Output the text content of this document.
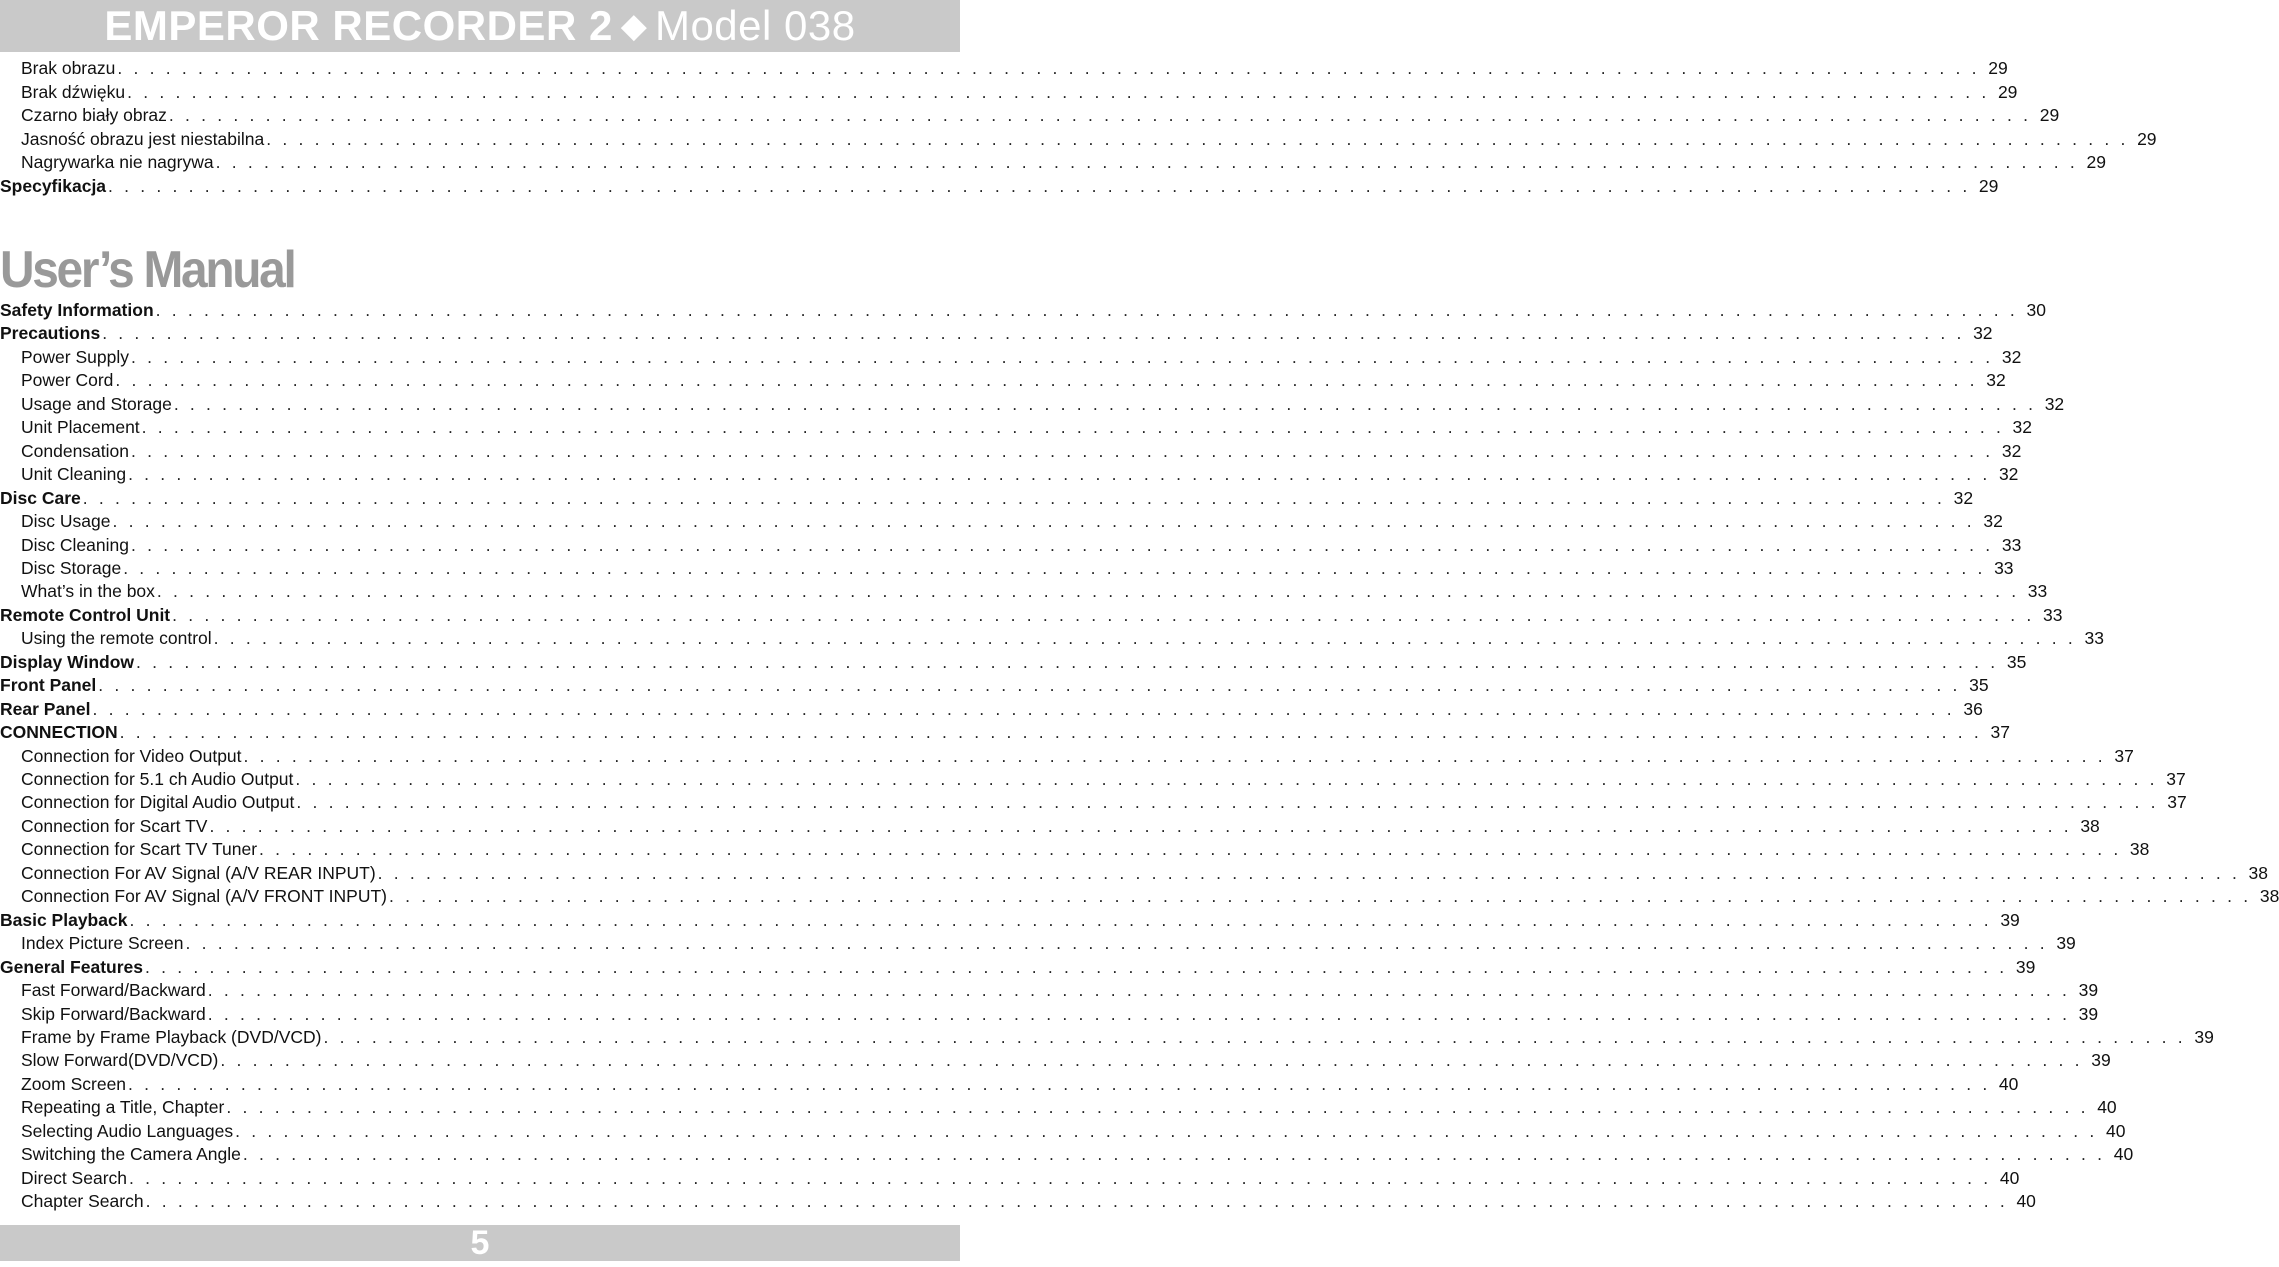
EMPEROR RECORDER 2 ◆ Model 038
Brak obrazu . . . . . . . . . . . . . . . . . . . . . . . . . . . . . . . . . . . . . . . . . . . . . . . . . . . . . . . . . . . . . . . . . . . . . . . . . . . . . . . . . . . . . . . . . . . . . . . . . . . . . . . . . . . . . . . . . . . . 29
Brak dźwięku . . . . . . . . . . . . . . . . . . . . . . . . . . . . . . . . . . . . . . . . . . . . . . . . . . . . . . . . . . . . . . . . . . . . . . . . . . . . . . . . . . . . . . . . . . . . . . . . . . . . . . . . . . . . . . . . . . . . 29
Czarno biały obraz . . . . . . . . . . . . . . . . . . . . . . . . . . . . . . . . . . . . . . . . . . . . . . . . . . . . . . . . . . . . . . . . . . . . . . . . . . . . . . . . . . . . . . . . . . . . . . . . . . . . . . . . . . . . . . . . . . . . 29
Jasność obrazu jest niestabilna . . . . . . . . . . . . . . . . . . . . . . . . . . . . . . . . . . . . . . . . . . . . . . . . . . . . . . . . . . . . . . . . . . . . . . . . . . . . . . . . . . . . . . . . . . . . . . . . . . . . . . . . . . . . . . . . . . . . 29
Nagrywarka nie nagrywa . . . . . . . . . . . . . . . . . . . . . . . . . . . . . . . . . . . . . . . . . . . . . . . . . . . . . . . . . . . . . . . . . . . . . . . . . . . . . . . . . . . . . . . . . . . . . . . . . . . . . . . . . . . . . . . . . . . . 29
Specyfikacja . . . . . . . . . . . . . . . . . . . . . . . . . . . . . . . . . . . . . . . . . . . . . . . . . . . . . . . . . . . . . . . . . . . . . . . . . . . . . . . . . . . . . . . . . . . . . . . . . . . . . . . . . . . . . . . . . . . . 29
User’s Manual
Safety Information . . . . . . . . . . . . . . . . . . . . . . . . . . . . . . . . . . . . . . . . . . . . . . . . . . . . . . . . . . . . . . . . . . . . . . . . . . . . . . . . . . . . . . . . . . . . . . . . . . . . . . . . . . . . . . . . . . . . 30
Precautions . . . . . . . . . . . . . . . . . . . . . . . . . . . . . . . . . . . . . . . . . . . . . . . . . . . . . . . . . . . . . . . . . . . . . . . . . . . . . . . . . . . . . . . . . . . . . . . . . . . . . . . . . . . . . . . . . . . . 32
Power Supply . . . . . . . . . . . . . . . . . . . . . . . . . . . . . . . . . . . . . . . . . . . . . . . . . . . . . . . . . . . . . . . . . . . . . . . . . . . . . . . . . . . . . . . . . . . . . . . . . . . . . . . . . . . . . . . . . . . . 32
Power Cord . . . . . . . . . . . . . . . . . . . . . . . . . . . . . . . . . . . . . . . . . . . . . . . . . . . . . . . . . . . . . . . . . . . . . . . . . . . . . . . . . . . . . . . . . . . . . . . . . . . . . . . . . . . . . . . . . . . . 32
Usage and Storage . . . . . . . . . . . . . . . . . . . . . . . . . . . . . . . . . . . . . . . . . . . . . . . . . . . . . . . . . . . . . . . . . . . . . . . . . . . . . . . . . . . . . . . . . . . . . . . . . . . . . . . . . . . . . . . . . . . . 32
Unit Placement . . . . . . . . . . . . . . . . . . . . . . . . . . . . . . . . . . . . . . . . . . . . . . . . . . . . . . . . . . . . . . . . . . . . . . . . . . . . . . . . . . . . . . . . . . . . . . . . . . . . . . . . . . . . . . . . . . . . 32
Condensation . . . . . . . . . . . . . . . . . . . . . . . . . . . . . . . . . . . . . . . . . . . . . . . . . . . . . . . . . . . . . . . . . . . . . . . . . . . . . . . . . . . . . . . . . . . . . . . . . . . . . . . . . . . . . . . . . . . . 32
Unit Cleaning . . . . . . . . . . . . . . . . . . . . . . . . . . . . . . . . . . . . . . . . . . . . . . . . . . . . . . . . . . . . . . . . . . . . . . . . . . . . . . . . . . . . . . . . . . . . . . . . . . . . . . . . . . . . . . . . . . . . 32
Disc Care . . . . . . . . . . . . . . . . . . . . . . . . . . . . . . . . . . . . . . . . . . . . . . . . . . . . . . . . . . . . . . . . . . . . . . . . . . . . . . . . . . . . . . . . . . . . . . . . . . . . . . . . . . . . . . . . . . . . 32
Disc Usage . . . . . . . . . . . . . . . . . . . . . . . . . . . . . . . . . . . . . . . . . . . . . . . . . . . . . . . . . . . . . . . . . . . . . . . . . . . . . . . . . . . . . . . . . . . . . . . . . . . . . . . . . . . . . . . . . . . . 32
Disc Cleaning . . . . . . . . . . . . . . . . . . . . . . . . . . . . . . . . . . . . . . . . . . . . . . . . . . . . . . . . . . . . . . . . . . . . . . . . . . . . . . . . . . . . . . . . . . . . . . . . . . . . . . . . . . . . . . . . . . . . 33
Disc Storage . . . . . . . . . . . . . . . . . . . . . . . . . . . . . . . . . . . . . . . . . . . . . . . . . . . . . . . . . . . . . . . . . . . . . . . . . . . . . . . . . . . . . . . . . . . . . . . . . . . . . . . . . . . . . . . . . . . . 33
What’s in the box . . . . . . . . . . . . . . . . . . . . . . . . . . . . . . . . . . . . . . . . . . . . . . . . . . . . . . . . . . . . . . . . . . . . . . . . . . . . . . . . . . . . . . . . . . . . . . . . . . . . . . . . . . . . . . . . . . . . 33
Remote Control Unit . . . . . . . . . . . . . . . . . . . . . . . . . . . . . . . . . . . . . . . . . . . . . . . . . . . . . . . . . . . . . . . . . . . . . . . . . . . . . . . . . . . . . . . . . . . . . . . . . . . . . . . . . . . . . . . . . . . . 33
Using the remote control . . . . . . . . . . . . . . . . . . . . . . . . . . . . . . . . . . . . . . . . . . . . . . . . . . . . . . . . . . . . . . . . . . . . . . . . . . . . . . . . . . . . . . . . . . . . . . . . . . . . . . . . . . . . . . . . . . . . 33
Display Window . . . . . . . . . . . . . . . . . . . . . . . . . . . . . . . . . . . . . . . . . . . . . . . . . . . . . . . . . . . . . . . . . . . . . . . . . . . . . . . . . . . . . . . . . . . . . . . . . . . . . . . . . . . . . . . . . . . . 35
Front Panel . . . . . . . . . . . . . . . . . . . . . . . . . . . . . . . . . . . . . . . . . . . . . . . . . . . . . . . . . . . . . . . . . . . . . . . . . . . . . . . . . . . . . . . . . . . . . . . . . . . . . . . . . . . . . . . . . . . . 35
Rear Panel . . . . . . . . . . . . . . . . . . . . . . . . . . . . . . . . . . . . . . . . . . . . . . . . . . . . . . . . . . . . . . . . . . . . . . . . . . . . . . . . . . . . . . . . . . . . . . . . . . . . . . . . . . . . . . . . . . . . 36
CONNECTION . . . . . . . . . . . . . . . . . . . . . . . . . . . . . . . . . . . . . . . . . . . . . . . . . . . . . . . . . . . . . . . . . . . . . . . . . . . . . . . . . . . . . . . . . . . . . . . . . . . . . . . . . . . . . . . . . . . . 37
Connection for Video Output . . . . . . . . . . . . . . . . . . . . . . . . . . . . . . . . . . . . . . . . . . . . . . . . . . . . . . . . . . . . . . . . . . . . . . . . . . . . . . . . . . . . . . . . . . . . . . . . . . . . . . . . . . . . . . . . . . . . 37
Connection for 5.1 ch Audio Output . . . . . . . . . . . . . . . . . . . . . . . . . . . . . . . . . . . . . . . . . . . . . . . . . . . . . . . . . . . . . . . . . . . . . . . . . . . . . . . . . . . . . . . . . . . . . . . . . . . . . . . . . . . . . . . . . . . . 37
Connection for Digital Audio Output . . . . . . . . . . . . . . . . . . . . . . . . . . . . . . . . . . . . . . . . . . . . . . . . . . . . . . . . . . . . . . . . . . . . . . . . . . . . . . . . . . . . . . . . . . . . . . . . . . . . . . . . . . . . . . . . . . . . 37
Connection for Scart TV . . . . . . . . . . . . . . . . . . . . . . . . . . . . . . . . . . . . . . . . . . . . . . . . . . . . . . . . . . . . . . . . . . . . . . . . . . . . . . . . . . . . . . . . . . . . . . . . . . . . . . . . . . . . . . . . . . . . 38
Connection for Scart TV Tuner . . . . . . . . . . . . . . . . . . . . . . . . . . . . . . . . . . . . . . . . . . . . . . . . . . . . . . . . . . . . . . . . . . . . . . . . . . . . . . . . . . . . . . . . . . . . . . . . . . . . . . . . . . . . . . . . . . . . 38
Connection For AV Signal (A/V REAR INPUT) . . . . . . . . . . . . . . . . . . . . . . . . . . . . . . . . . . . . . . . . . . . . . . . . . . . . . . . . . . . . . . . . . . . . . . . . . . . . . . . . . . . . . . . . . . . . . . . . . . . . . . . . . . . . . . . . . . . . 38
Connection For AV Signal (A/V FRONT INPUT) . . . . . . . . . . . . . . . . . . . . . . . . . . . . . . . . . . . . . . . . . . . . . . . . . . . . . . . . . . . . . . . . . . . . . . . . . . . . . . . . . . . . . . . . . . . . . . . . . . . . . . . . . . . . . . . . . . . . 38
Basic Playback . . . . . . . . . . . . . . . . . . . . . . . . . . . . . . . . . . . . . . . . . . . . . . . . . . . . . . . . . . . . . . . . . . . . . . . . . . . . . . . . . . . . . . . . . . . . . . . . . . . . . . . . . . . . . . . . . . . . 39
Index Picture Screen . . . . . . . . . . . . . . . . . . . . . . . . . . . . . . . . . . . . . . . . . . . . . . . . . . . . . . . . . . . . . . . . . . . . . . . . . . . . . . . . . . . . . . . . . . . . . . . . . . . . . . . . . . . . . . . . . . . . 39
General Features . . . . . . . . . . . . . . . . . . . . . . . . . . . . . . . . . . . . . . . . . . . . . . . . . . . . . . . . . . . . . . . . . . . . . . . . . . . . . . . . . . . . . . . . . . . . . . . . . . . . . . . . . . . . . . . . . . . . 39
Fast Forward/Backward . . . . . . . . . . . . . . . . . . . . . . . . . . . . . . . . . . . . . . . . . . . . . . . . . . . . . . . . . . . . . . . . . . . . . . . . . . . . . . . . . . . . . . . . . . . . . . . . . . . . . . . . . . . . . . . . . . . . 39
Skip Forward/Backward . . . . . . . . . . . . . . . . . . . . . . . . . . . . . . . . . . . . . . . . . . . . . . . . . . . . . . . . . . . . . . . . . . . . . . . . . . . . . . . . . . . . . . . . . . . . . . . . . . . . . . . . . . . . . . . . . . . . 39
Frame by Frame Playback (DVD/VCD) . . . . . . . . . . . . . . . . . . . . . . . . . . . . . . . . . . . . . . . . . . . . . . . . . . . . . . . . . . . . . . . . . . . . . . . . . . . . . . . . . . . . . . . . . . . . . . . . . . . . . . . . . . . . . . . . . . . . 39
Slow Forward(DVD/VCD) . . . . . . . . . . . . . . . . . . . . . . . . . . . . . . . . . . . . . . . . . . . . . . . . . . . . . . . . . . . . . . . . . . . . . . . . . . . . . . . . . . . . . . . . . . . . . . . . . . . . . . . . . . . . . . . . . . . . 39
Zoom Screen . . . . . . . . . . . . . . . . . . . . . . . . . . . . . . . . . . . . . . . . . . . . . . . . . . . . . . . . . . . . . . . . . . . . . . . . . . . . . . . . . . . . . . . . . . . . . . . . . . . . . . . . . . . . . . . . . . . . 40
Repeating a Title, Chapter . . . . . . . . . . . . . . . . . . . . . . . . . . . . . . . . . . . . . . . . . . . . . . . . . . . . . . . . . . . . . . . . . . . . . . . . . . . . . . . . . . . . . . . . . . . . . . . . . . . . . . . . . . . . . . . . . . . . 40
Selecting Audio Languages . . . . . . . . . . . . . . . . . . . . . . . . . . . . . . . . . . . . . . . . . . . . . . . . . . . . . . . . . . . . . . . . . . . . . . . . . . . . . . . . . . . . . . . . . . . . . . . . . . . . . . . . . . . . . . . . . . . . 40
Switching the Camera Angle . . . . . . . . . . . . . . . . . . . . . . . . . . . . . . . . . . . . . . . . . . . . . . . . . . . . . . . . . . . . . . . . . . . . . . . . . . . . . . . . . . . . . . . . . . . . . . . . . . . . . . . . . . . . . . . . . . . . 40
Direct Search . . . . . . . . . . . . . . . . . . . . . . . . . . . . . . . . . . . . . . . . . . . . . . . . . . . . . . . . . . . . . . . . . . . . . . . . . . . . . . . . . . . . . . . . . . . . . . . . . . . . . . . . . . . . . . . . . . . . 40
Chapter Search . . . . . . . . . . . . . . . . . . . . . . . . . . . . . . . . . . . . . . . . . . . . . . . . . . . . . . . . . . . . . . . . . . . . . . . . . . . . . . . . . . . . . . . . . . . . . . . . . . . . . . . . . . . . . . . . . . . . 40
5
